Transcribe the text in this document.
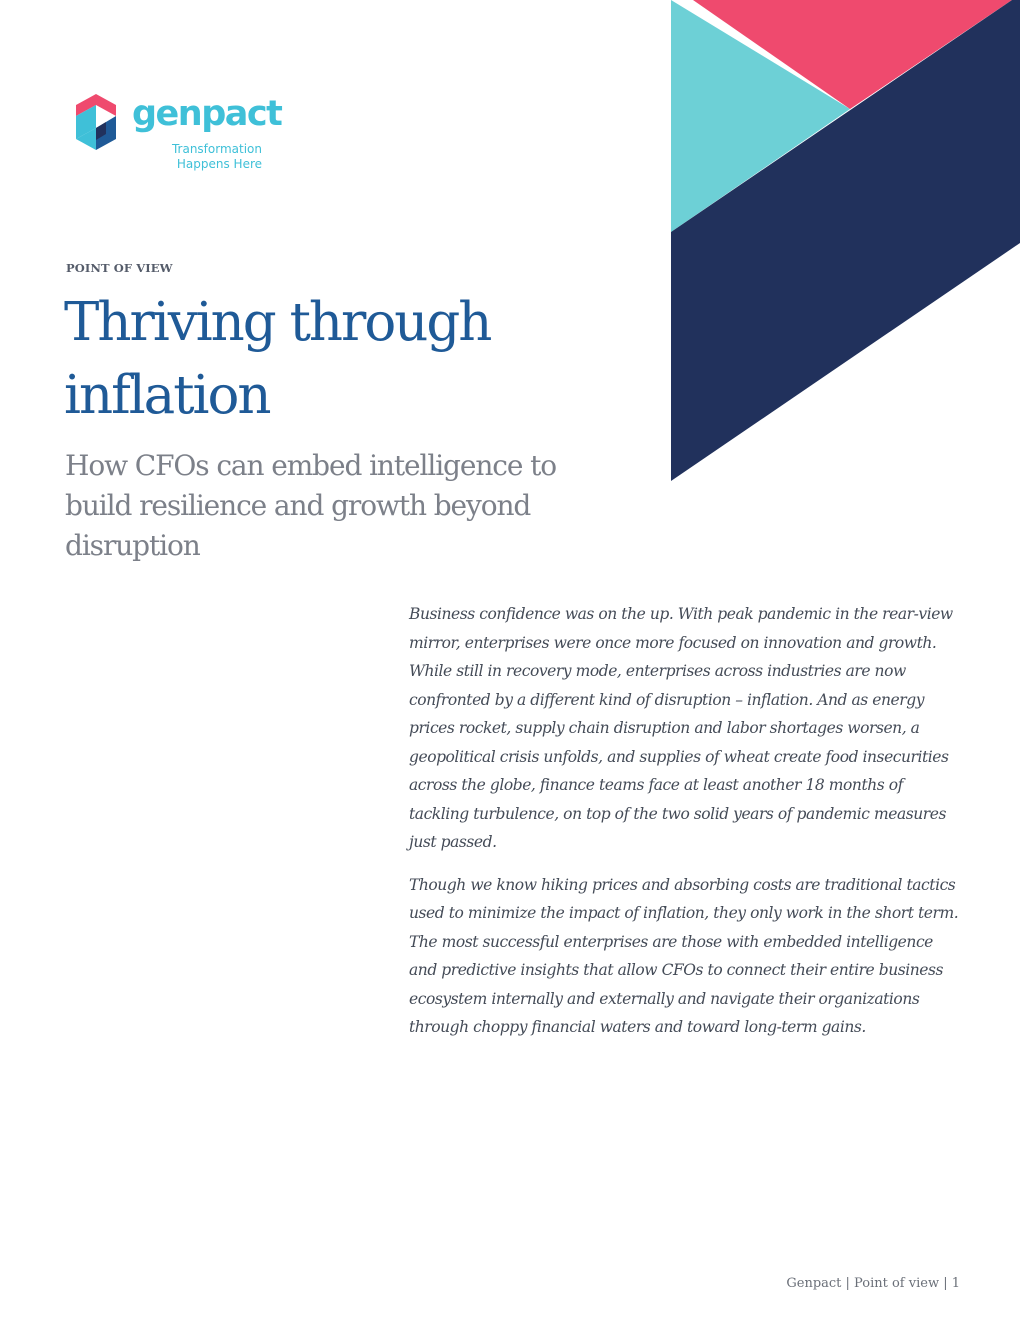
genpact
Transformation
Happens Here
POINT OF VIEW
Thriving through
inflation
How CFOs can embed intelligence to
build resilience and growth beyond
disruption

Business confidence was on the up. With peak pandemic in the rear-view mirror, enterprises were once more focused on innovation and growth. While still in recovery mode, enterprises across industries are now confronted by a different kind of disruption – inflation. And as energy prices rocket, supply chain disruption and labor shortages worsen, a geopolitical crisis unfolds, and supplies of wheat create food insecurities across the globe, finance teams face at least another 18 months of tackling turbulence, on top of the two solid years of pandemic measures just passed.

Though we know hiking prices and absorbing costs are traditional tactics used to minimize the impact of inflation, they only work in the short term. The most successful enterprises are those with embedded intelligence and predictive insights that allow CFOs to connect their entire business ecosystem internally and externally and navigate their organizations through choppy financial waters and toward long-term gains.

Genpact | Point of view | 1
